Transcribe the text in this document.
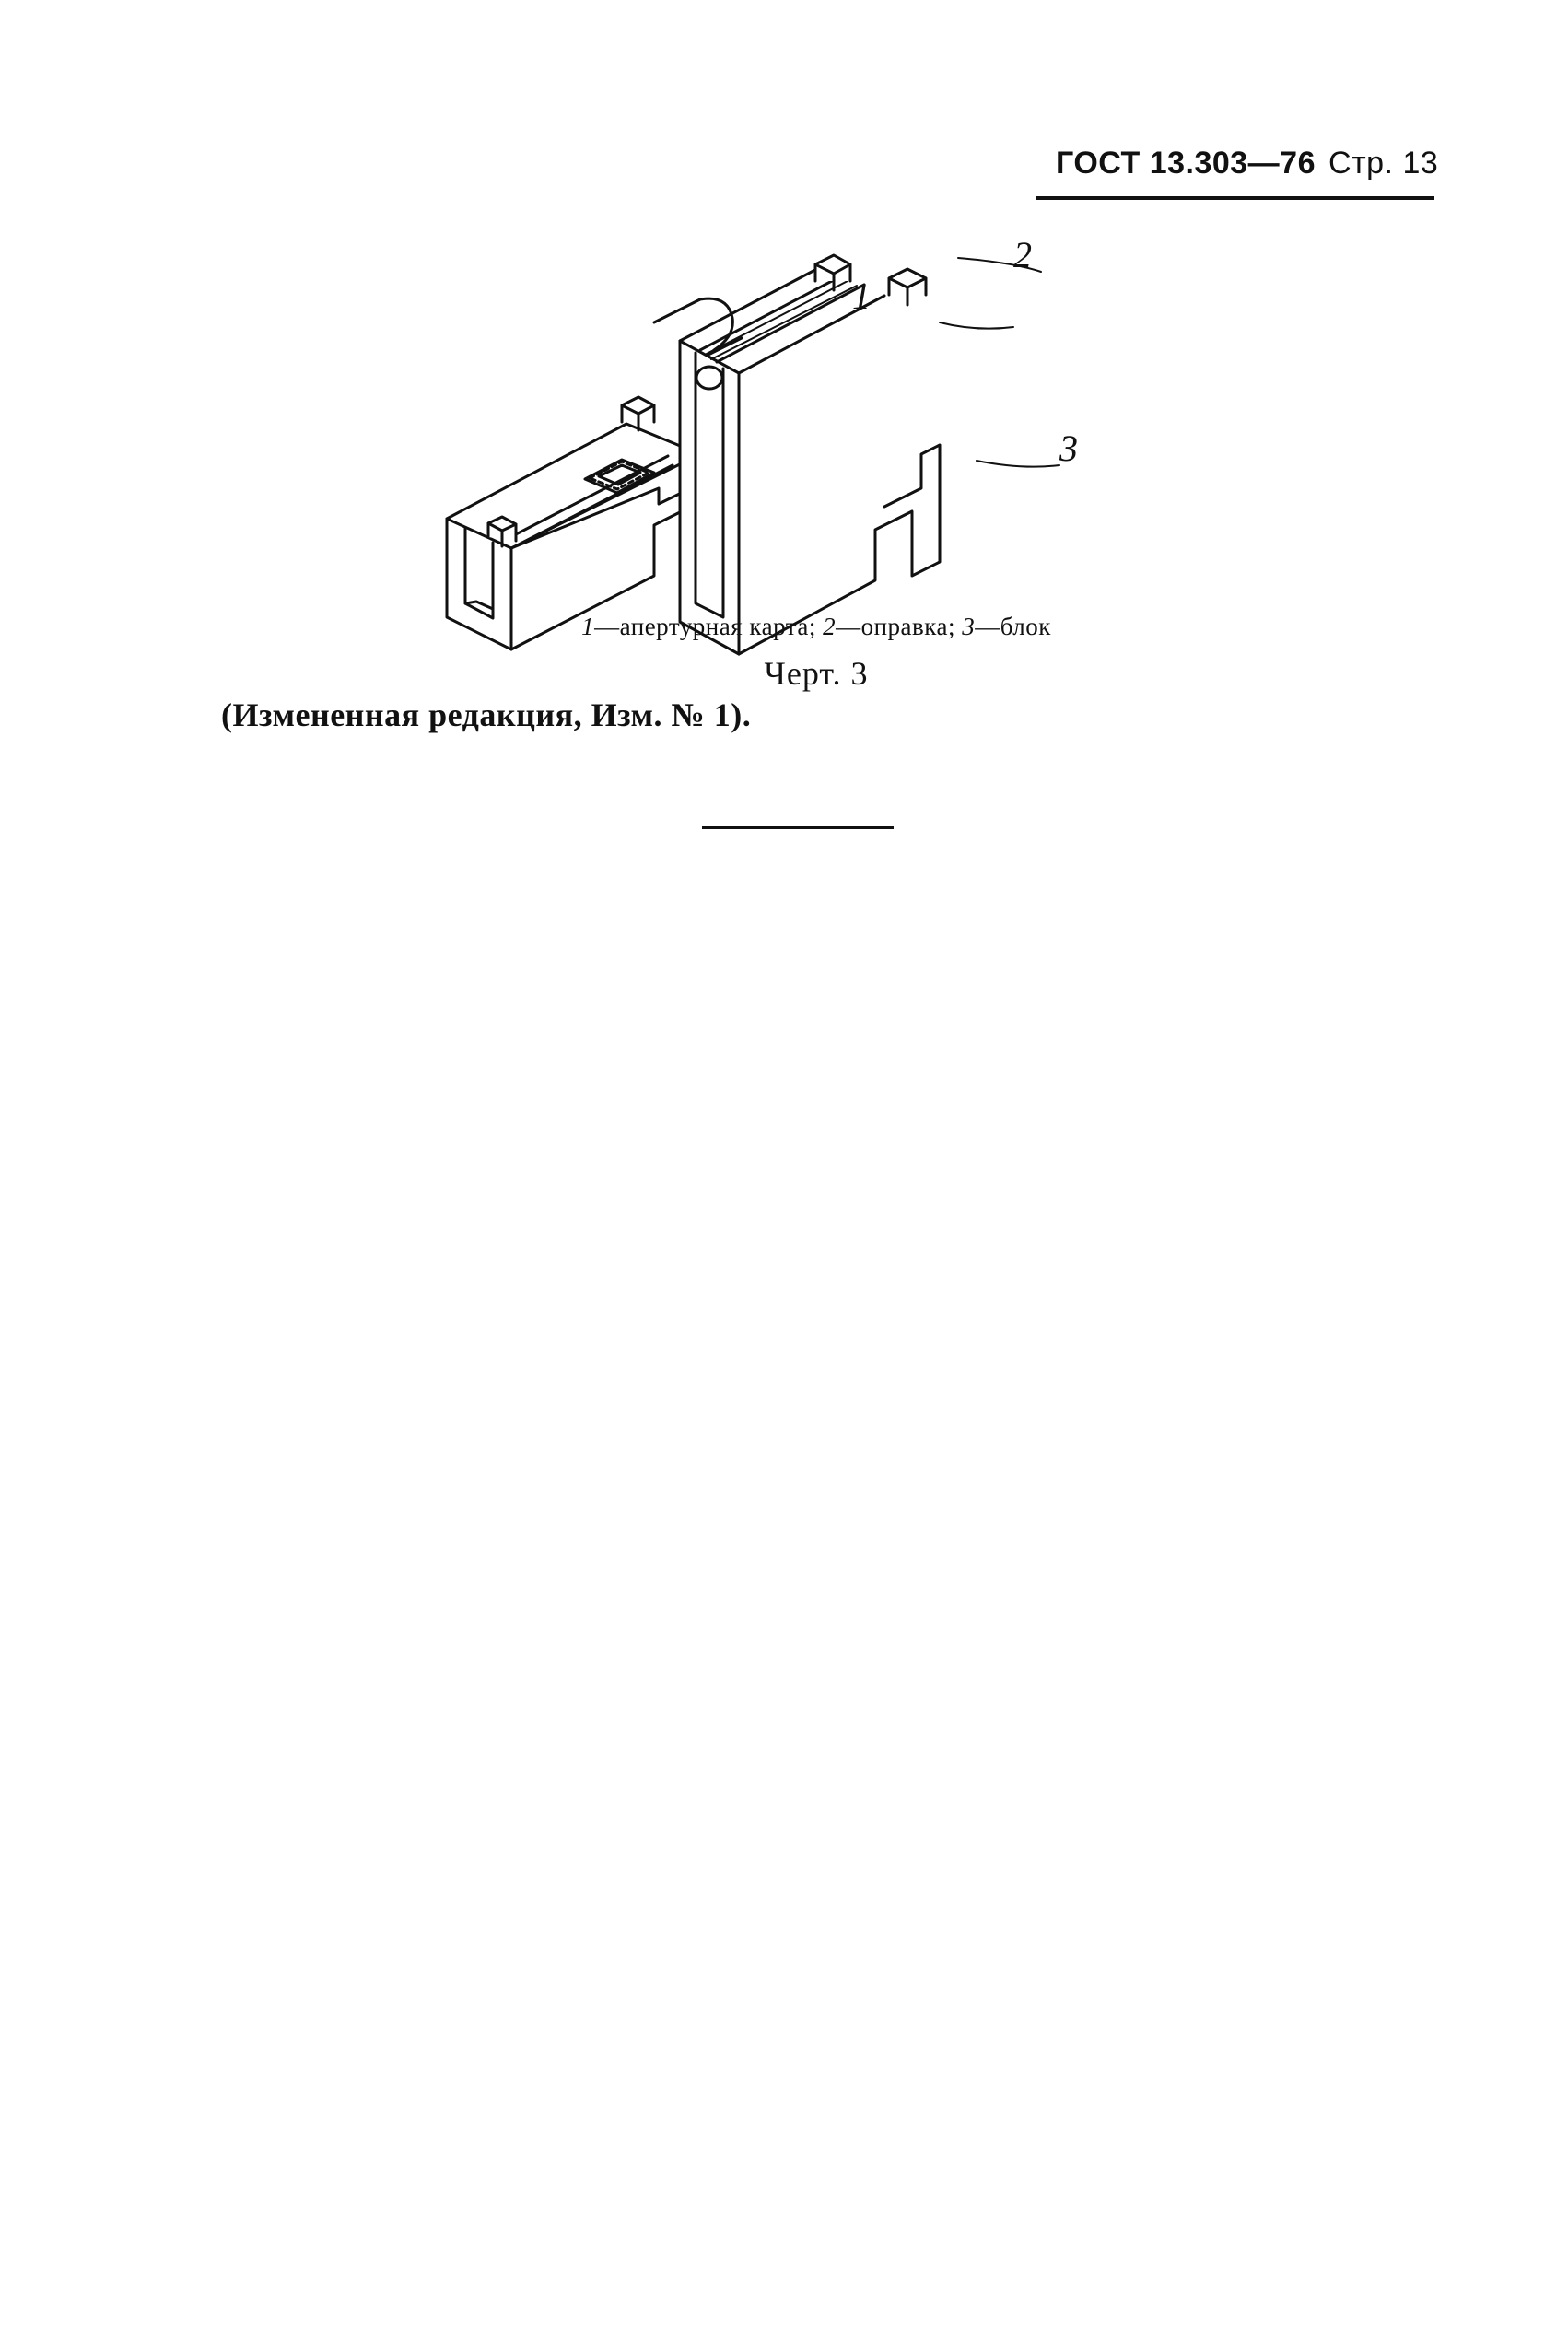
ГОСТ 13.303—76 Стр. 13
2
1
3
1—апертурная карта; 2—оправка; 3—блок
Черт. 3
(Измененная редакция, Изм. № 1).
